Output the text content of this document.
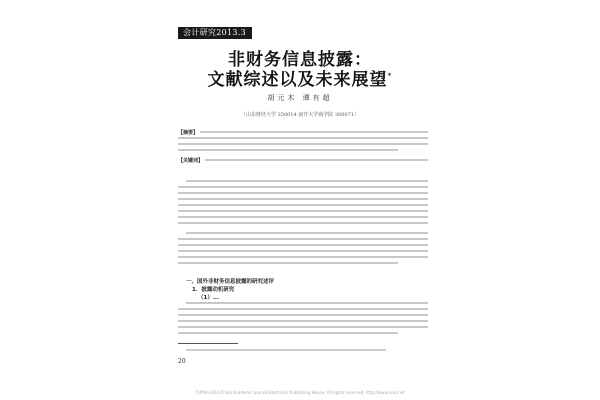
会计研究2013.3
非财务信息披露：
文献综述以及未来展望*
胡元木 谭有超
（山东财经大学 250014 南开大学商学院 300071）
【摘要】
【关键词】
一、国外非财务信息披露的研究述评
1．披露动机研究
（1）...
20
?1994-2014 China Academic Journal Electronic Publishing House. All rights reserved. http://www.cnki.net
